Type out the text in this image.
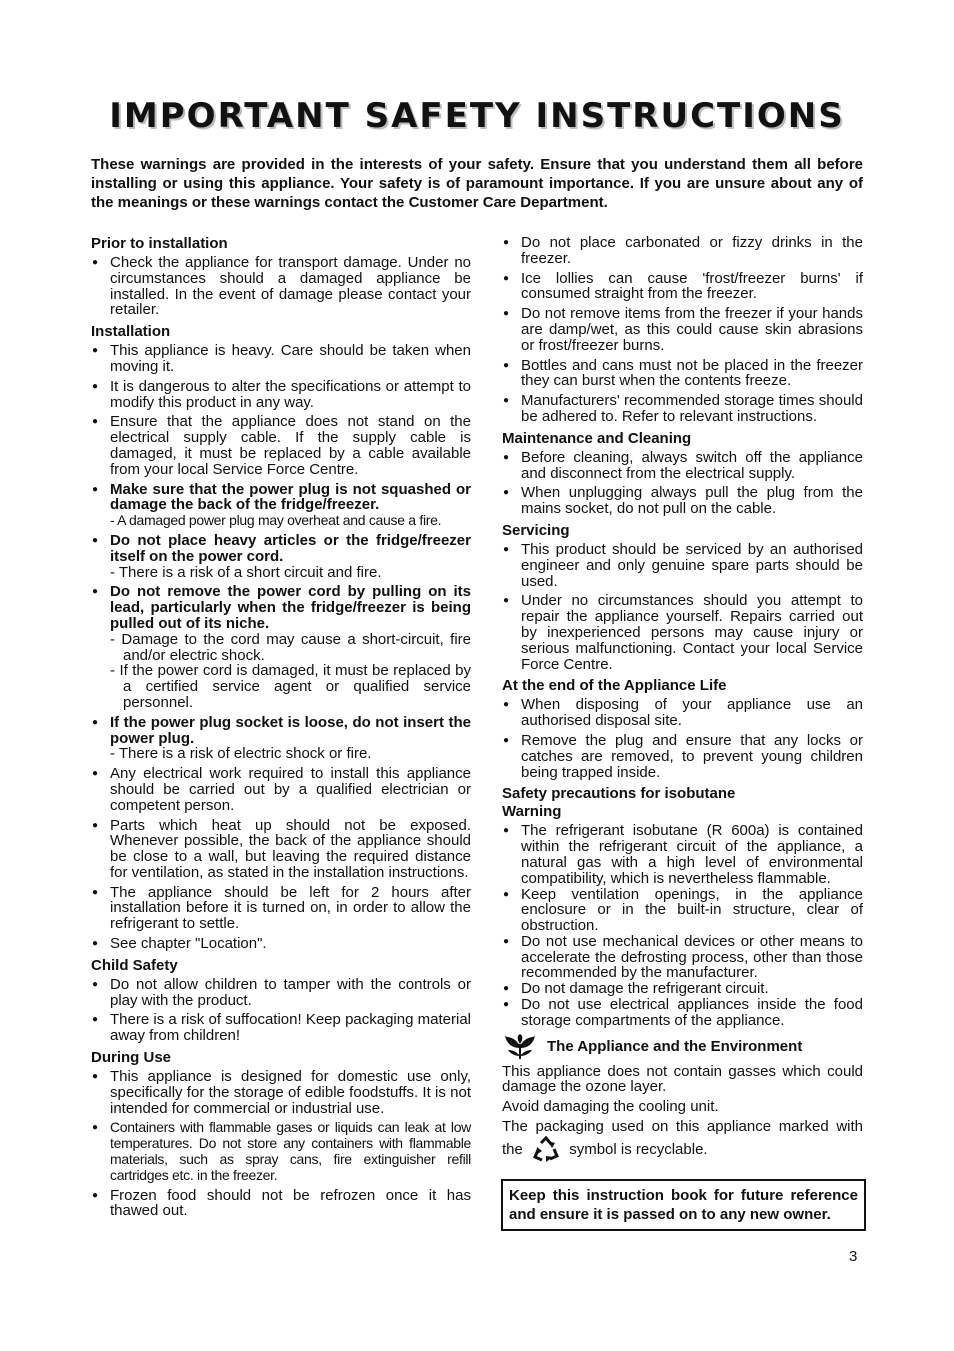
IMPORTANT SAFETY INSTRUCTIONS

These warnings are provided in the interests of your safety. Ensure that you understand them all before installing or using this appliance. Your safety is of paramount importance. If you are unsure about any of the meanings or these warnings contact the Customer Care Department.

Prior to installation
● Check the appliance for transport damage. Under no circumstances should a damaged appliance be installed. In the event of damage please contact your retailer.
Installation
● This appliance is heavy. Care should be taken when moving it.
● It is dangerous to alter the specifications or attempt to modify this product in any way.
● Ensure that the appliance does not stand on the electrical supply cable. If the supply cable is damaged, it must be replaced by a cable available from your local Service Force Centre.
● Make sure that the power plug is not squashed or damage the back of the fridge/freezer.
- A damaged power plug may overheat and cause a fire.
● Do not place heavy articles or the fridge/freezer itself on the power cord.
- There is a risk of a short circuit and fire.
● Do not remove the power cord by pulling on its lead, particularly when the fridge/freezer is being pulled out of its niche.
- Damage to the cord may cause a short-circuit, fire and/or electric shock.
- If the power cord is damaged, it must be replaced by a certified service agent or qualified service personnel.
● If the power plug socket is loose, do not insert the power plug.
- There is a risk of electric shock or fire.
● Any electrical work required to install this appliance should be carried out by a qualified electrician or competent person.
● Parts which heat up should not be exposed. Whenever possible, the back of the appliance should be close to a wall, but leaving the required distance for ventilation, as stated in the installation instructions.
● The appliance should be left for 2 hours after installation before it is turned on, in order to allow the refrigerant to settle.
● See chapter "Location".
Child Safety
● Do not allow children to tamper with the controls or play with the product.
● There is a risk of suffocation! Keep packaging material away from children!
During Use
● This appliance is designed for domestic use only, specifically for the storage of edible foodstuffs. It is not intended for commercial or industrial use.
● Containers with flammable gases or liquids can leak at low temperatures. Do not store any containers with flammable materials, such as spray cans, fire extinguisher refill cartridges etc. in the freezer.
● Frozen food should not be refrozen once it has thawed out.
● Do not place carbonated or fizzy drinks in the freezer.
● Ice lollies can cause 'frost/freezer burns' if consumed straight from the freezer.
● Do not remove items from the freezer if your hands are damp/wet, as this could cause skin abrasions or frost/freezer burns.
● Bottles and cans must not be placed in the freezer they can burst when the contents freeze.
● Manufacturers' recommended storage times should be adhered to. Refer to relevant instructions.
Maintenance and Cleaning
● Before cleaning, always switch off the appliance and disconnect from the electrical supply.
● When unplugging always pull the plug from the mains socket, do not pull on the cable.
Servicing
● This product should be serviced by an authorised engineer and only genuine spare parts should be used.
● Under no circumstances should you attempt to repair the appliance yourself. Repairs carried out by inexperienced persons may cause injury or serious malfunctioning. Contact your local Service Force Centre.
At the end of the Appliance Life
● When disposing of your appliance use an authorised disposal site.
● Remove the plug and ensure that any locks or catches are removed, to prevent young children being trapped inside.
Safety precautions for isobutane
Warning
● The refrigerant isobutane (R 600a) is contained within the refrigerant circuit of the appliance, a natural gas with a high level of environmental compatibility, which is nevertheless flammable.
● Keep ventilation openings, in the appliance enclosure or in the built-in structure, clear of obstruction.
● Do not use mechanical devices or other means to accelerate the defrosting process, other than those recommended by the manufacturer.
● Do not damage the refrigerant circuit.
● Do not use electrical appliances inside the food storage compartments of the appliance.
The Appliance and the Environment

This appliance does not contain gasses which could damage the ozone layer.

Avoid damaging the cooling unit.

The packaging used on this appliance marked with the	symbol is recyclable.

Keep this instruction book for future reference and ensure it is passed on to any new owner.
3
